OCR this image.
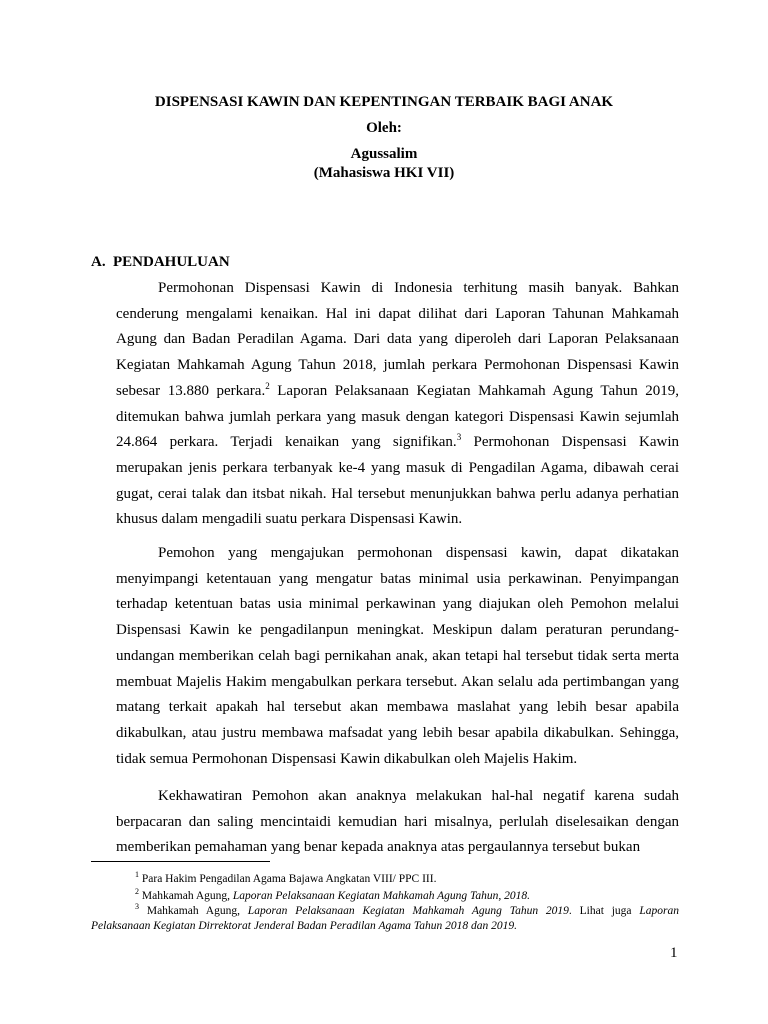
DISPENSASI KAWIN DAN KEPENTINGAN TERBAIK BAGI ANAK
Oleh:
Agussalim
(Mahasiswa HKI VII)
A. PENDAHULUAN

Permohonan Dispensasi Kawin di Indonesia terhitung masih banyak. Bahkan cenderung mengalami kenaikan. Hal ini dapat dilihat dari Laporan Tahunan Mahkamah Agung dan Badan Peradilan Agama. Dari data yang diperoleh dari Laporan Pelaksanaan Kegiatan Mahkamah Agung Tahun 2018, jumlah perkara Permohonan Dispensasi Kawin sebesar 13.880 perkara.$^2$ Laporan Pelaksanaan Kegiatan Mahkamah Agung Tahun 2019, ditemukan bahwa jumlah perkara yang masuk dengan kategori Dispensasi Kawin sejumlah 24.864 perkara. Terjadi kenaikan yang signifikan.$^3$ Permohonan Dispensasi Kawin merupakan jenis perkara terbanyak ke-4 yang masuk di Pengadilan Agama, dibawah cerai gugat, cerai talak dan itsbat nikah. Hal tersebut menunjukkan bahwa perlu adanya perhatian khusus dalam mengadili suatu perkara Dispensasi Kawin.

Pemohon yang mengajukan permohonan dispensasi kawin, dapat dikatakan menyimpangi ketentauan yang mengatur batas minimal usia perkawinan. Penyimpangan terhadap ketentuan batas usia minimal perkawinan yang diajukan oleh Pemohon melalui Dispensasi Kawin ke pengadilanpun meningkat. Meskipun dalam peraturan perundang-undangan memberikan celah bagi pernikahan anak, akan tetapi hal tersebut tidak serta merta membuat Majelis Hakim mengabulkan perkara tersebut. Akan selalu ada pertimbangan yang matang terkait apakah hal tersebut akan membawa maslahat yang lebih besar apabila dikabulkan, atau justru membawa mafsadat yang lebih besar apabila dikabulkan. Sehingga, tidak semua Permohonan Dispensasi Kawin dikabulkan oleh Majelis Hakim.

Kekhawatiran Pemohon akan anaknya melakukan hal-hal negatif karena sudah berpacaran dan saling mencintaidi kemudian hari misalnya, perlulah diselesaikan dengan memberikan pemahaman yang benar kepada anaknya atas pergaulannya tersebut bukan

$^1$ Para Hakim Pengadilan Agama Bajawa Angkatan VIII/ PPC III.
$^2$ Mahkamah Agung, Laporan Pelaksanaan Kegiatan Mahkamah Agung Tahun, 2018.
$^3$ Mahkamah Agung, Laporan Pelaksanaan Kegiatan Mahkamah Agung Tahun 2019. Lihat juga Laporan Pelaksanaan Kegiatan Dirrektorat Jenderal Badan Peradilan Agama Tahun 2018 dan 2019.
1
